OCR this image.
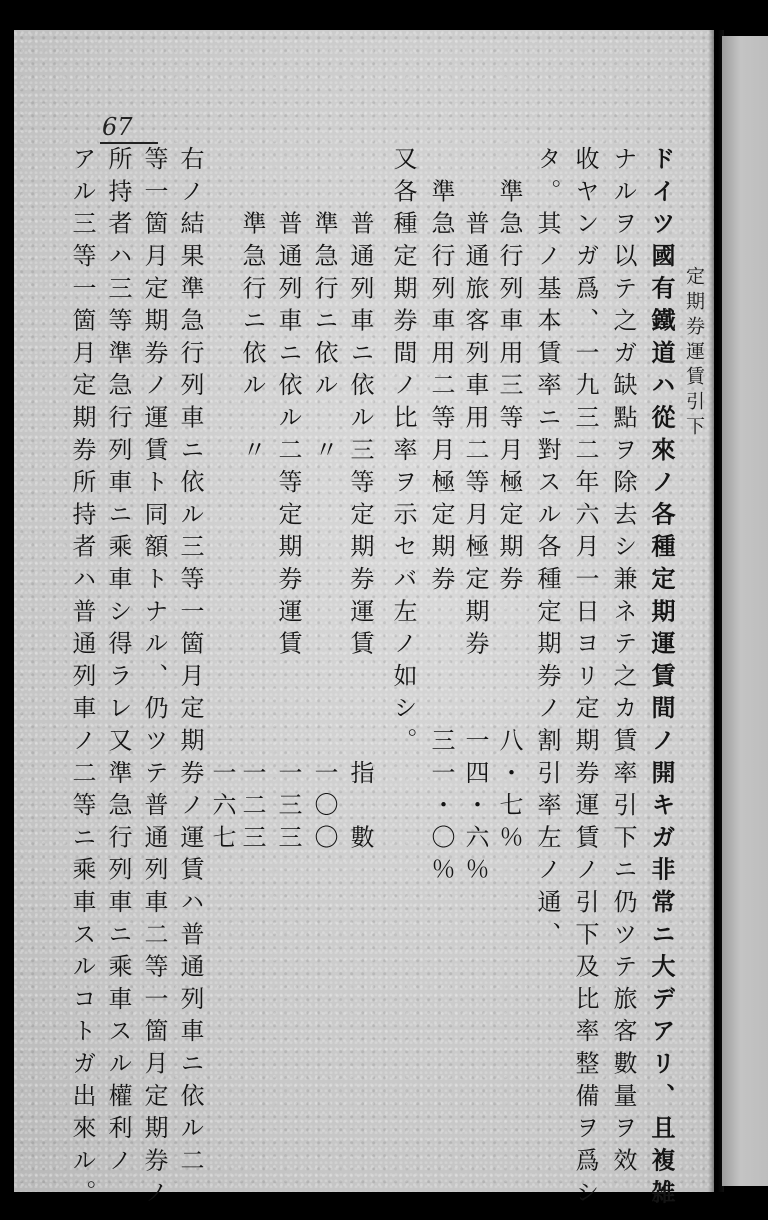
67
定期券運賃引下
ドイツ國有鐵道ハ從來ノ各種定期運賃間ノ開キガ非常ニ大デアリ、且複雑
ナルヲ以テ之ガ缺點ヲ除去シ兼ネテ之カ賃率引下ニ仍ツテ旅客數量ヲ效
收ヤンガ爲、一九三二年六月一日ヨリ定期券運賃ノ引下及比率整備ヲ爲シ
タ。其ノ基本賃率ニ對スル各種定期券ノ割引率左ノ通、
　準急行列車用三等月極定期券　　　　八・七％
　　普通旅客列車用二等月極定期券　　一四・六％
　準急行列車用二等月極定期券　　　　三一・〇％
又各種定期券間ノ比率ヲ示セバ左ノ如シ。
　　普通列車ニ依ル三等定期券運賃　　　指　數
　　準急行ニ依ル　〃　　　　　　　　　一〇〇
　　普通列車ニ依ル二等定期券運賃　　　一三三
　　準急行ニ依ル　〃　　　　　　　　　一二三
　　　　　　　　　　　　　　　　　　　一六七
右ノ結果準急行列車ニ依ル三等一箇月定期券ノ運賃ハ普通列車ニ依ル二
等一箇月定期券ノ運賃ト同額トナル、仍ツテ普通列車二等一箇月定期券ノ
所持者ハ三等準急行列車ニ乘車シ得ラレ又準急行列車ニ乘車スル權利ノ
アル三等一箇月定期券所持者ハ普通列車ノ二等ニ乘車スルコトガ出來ル。
